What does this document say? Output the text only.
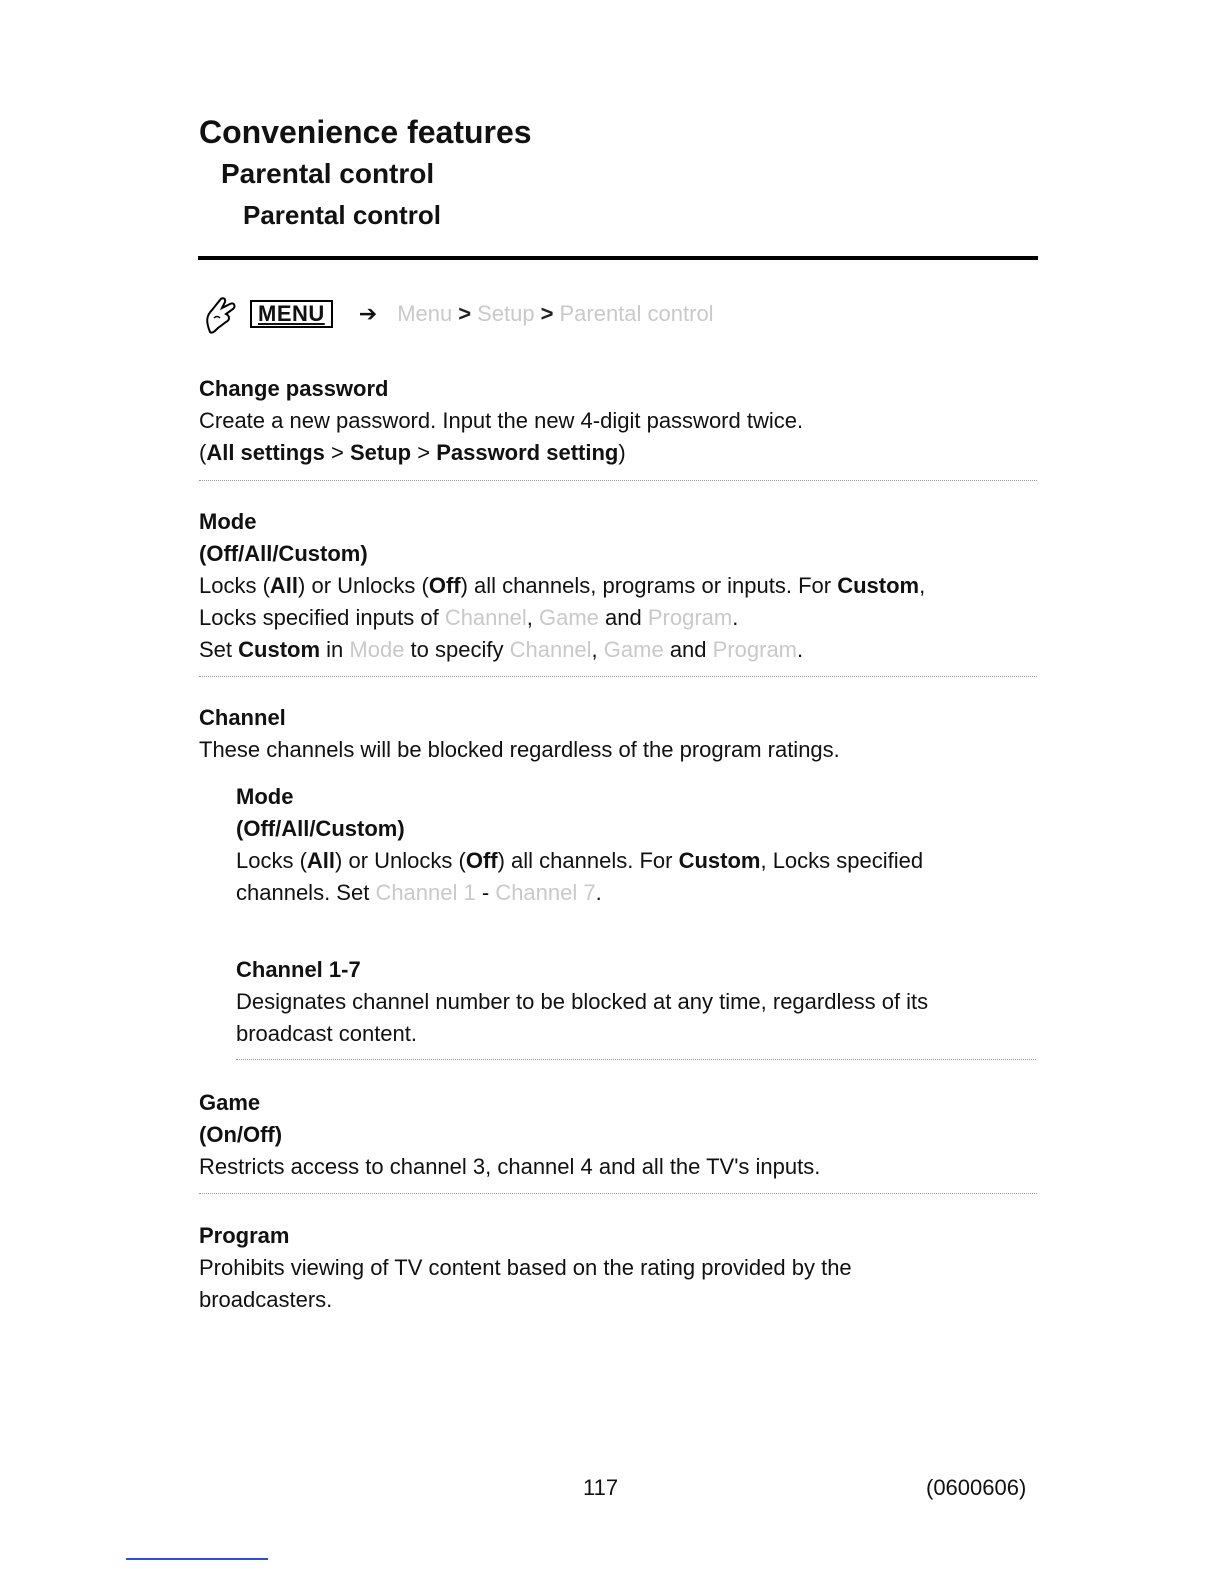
Convenience features
Parental control
Parental control
MENU	➔ Menu > Setup > Parental control

Change password

Create a new password. Input the new 4-digit password twice.

(All settings > Setup > Password setting)

Mode

(Off/All/Custom)

Locks (All) or Unlocks (Off) all channels, programs or inputs. For Custom,

Locks specified inputs of Channel, Game and Program.

Set Custom in Mode to specify Channel, Game and Program.

Channel

These channels will be blocked regardless of the program ratings.

Mode

(Off/All/Custom)

Locks (All) or Unlocks (Off) all channels. For Custom, Locks specified

channels. Set Channel 1 - Channel 7.

Channel 1-7

Designates channel number to be blocked at any time, regardless of its

broadcast content.

Game

(On/Off)

Restricts access to channel 3, channel 4 and all the TV's inputs.

Program

Prohibits viewing of TV content based on the rating provided by the

broadcasters.

117	(0600606)
